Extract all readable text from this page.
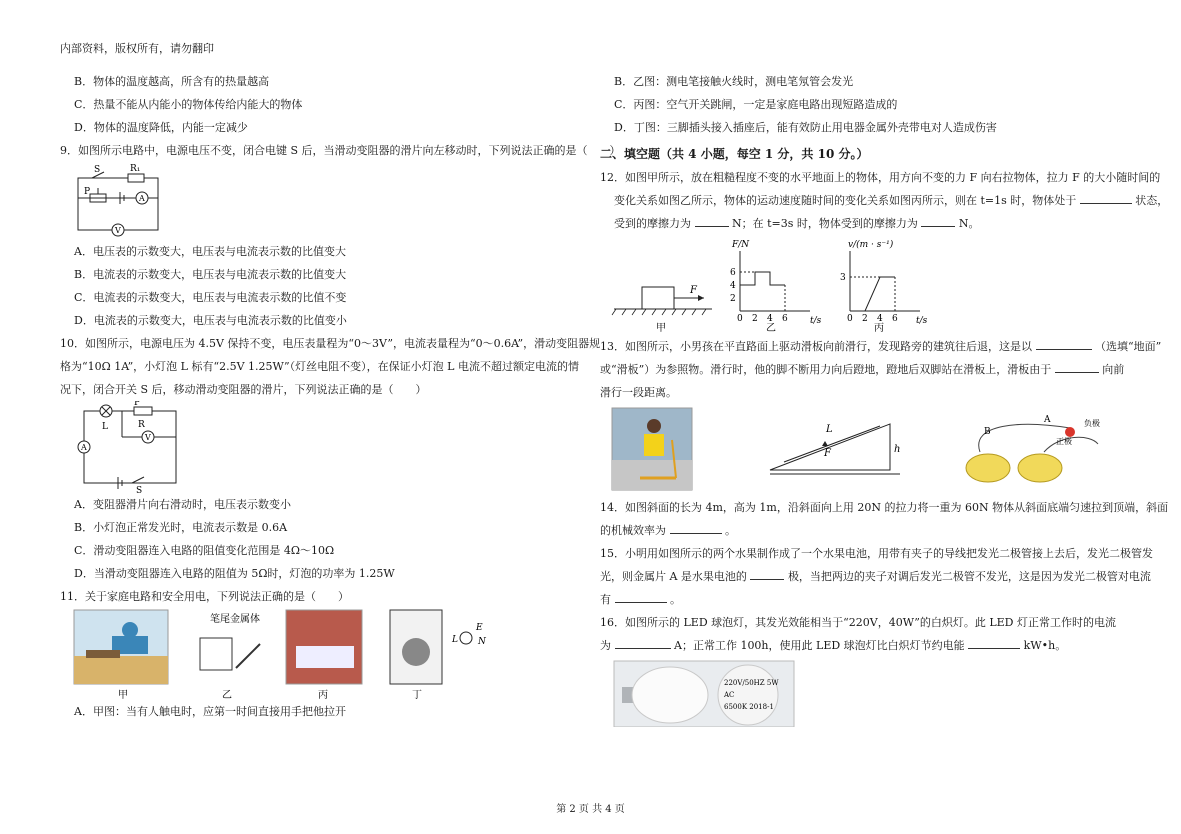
内部资料，版权所有，请勿翻印
B．物体的温度越高，所含有的热量越高
C．热量不能从内能小的物体传给内能大的物体
D．物体的温度降低，内能一定减少
9．如图所示电路中，电源电压不变，闭合电键 S 后，当滑动变阻器的滑片向左移动时，下列说法正确的是（　　）
S	R₁
P
A
V
A．电压表的示数变大，电压表与电流表示数的比值变大
B．电流表的示数变大，电压表与电流表示数的比值变大
C．电流表的示数变大，电压表与电流表示数的比值不变
D．电流表的示数变大，电压表与电流表示数的比值变小
10．如图所示，电源电压为 4.5V 保持不变，电压表量程为“0～3V”，电流表量程为“0～0.6A”，滑动变阻器规
格为“10Ω 1A”，小灯泡 L 标有“2.5V 1.25W”（灯丝电阻不变），在保证小灯泡 L 电流不超过额定电流的情
况下，闭合开关 S 后，移动滑动变阻器的滑片，下列说法正确的是（　　）
L
P
R
V
A
S
A．变阻器滑片向右滑动时，电压表示数变小
B．小灯泡正常发光时，电流表示数是 0.6A
C．滑动变阻器连入电路的阻值变化范围是 4Ω～10Ω
D．当滑动变阻器连入电路的阻值为 5Ω时，灯泡的功率为 1.25W
11．关于家庭电路和安全用电，下列说法正确的是（　　）
笔尾金属体
L
E
N
甲	乙	丙	丁
A．甲图：当有人触电时，应第一时间直接用手把他拉开
B．乙图：测电笔接触火线时，测电笔氖管会发光
C．丙图：空气开关跳闸，一定是家庭电路出现短路造成的
D．丁图：三脚插头接入插座后，能有效防止用电器金属外壳带电对人造成伤害
二、填空题（共 4 小题，每空 1 分，共 10 分。）
12．如图甲所示，放在粗糙程度不变的水平地面上的物体，用方向不变的力 F 向右拉物体，拉力 F 的大小随时间的
变化关系如图乙所示，物体的运动速度随时间的变化关系如图丙所示，则在 t=1s 时，物体处于	状态，
受到的摩擦力为	N；在 t=3s 时，物体受到的摩擦力为	N。
F
甲
0 2 4 6
6
4
2
F/N
t/s
乙
0 2 4 6
3
v/(m · s⁻¹)
t/s
丙
13．如图所示，小男孩在平直路面上驱动滑板向前滑行，发现路旁的建筑往后退，这是以	（选填“地面”
或“滑板”）为参照物。滑行时，他的脚不断用力向后蹬地，蹬地后双脚站在滑板上，滑板由于	向前
滑行一段距离。
L
F	h
B
A
正极
负极
14．如图斜面的长为 4m，高为 1m，沿斜面向上用 20N 的拉力将一重为 60N 物体从斜面底端匀速拉到顶端，斜面
的机械效率为	。
15．小明用如图所示的两个水果制作成了一个水果电池，用带有夹子的导线把发光二极管接上去后，发光二极管发
光，则金属片 A 是水果电池的	极，当把两边的夹子对调后发光二极管不发光，这是因为发光二极管对电流
有	。
16．如图所示的 LED 球泡灯，其发光效能相当于“220V，40W”的白炽灯。此 LED 灯正常工作时的电流
为	A；正常工作 100h，使用此 LED 球泡灯比白炽灯节约电能	kW•h。
220V/50HZ 5W
AC
6500K 2018-1
第 2 页 共 4 页
